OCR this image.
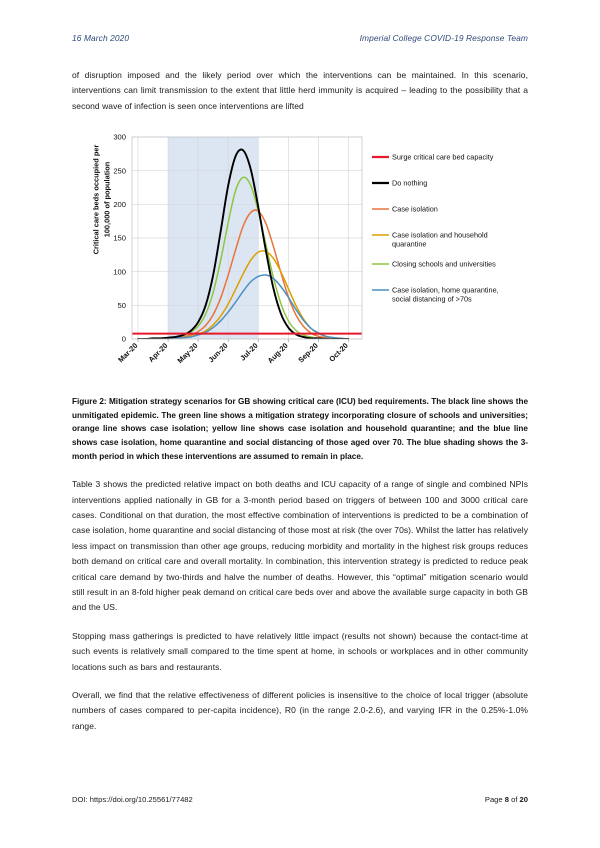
16 March 2020	Imperial College COVID-19 Response Team

of disruption imposed and the likely period over which the interventions can be maintained. In this scenario, interventions can limit transmission to the extent that little herd immunity is acquired – leading to the possibility that a second wave of infection is seen once interventions are lifted

Critical care beds occupied per 100,000 of population
0
50
100
150
200
250
300
Mar-20 Apr-20 May-20 Jun-20 Jul-20 Aug-20 Sep-20 Oct-20
Surge critical care bed capacity
Do nothing
Case isolation
Case isolation and household
quarantine
Closing schools and universities
Case isolation, home quarantine,
social distancing of >70s

Figure 2: Mitigation strategy scenarios for GB showing critical care (ICU) bed requirements. The black line shows the unmitigated epidemic. The green line shows a mitigation strategy incorporating closure of schools and universities; orange line shows case isolation; yellow line shows case isolation and household quarantine; and the blue line shows case isolation, home quarantine and social distancing of those aged over 70. The blue shading shows the 3-month period in which these interventions are assumed to remain in place.

Table 3 shows the predicted relative impact on both deaths and ICU capacity of a range of single and combined NPIs interventions applied nationally in GB for a 3-month period based on triggers of between 100 and 3000 critical care cases. Conditional on that duration, the most effective combination of interventions is predicted to be a combination of case isolation, home quarantine and social distancing of those most at risk (the over 70s). Whilst the latter has relatively less impact on transmission than other age groups, reducing morbidity and mortality in the highest risk groups reduces both demand on critical care and overall mortality. In combination, this intervention strategy is predicted to reduce peak critical care demand by two-thirds and halve the number of deaths. However, this “optimal” mitigation scenario would still result in an 8-fold higher peak demand on critical care beds over and above the available surge capacity in both GB and the US.

Stopping mass gatherings is predicted to have relatively little impact (results not shown) because the contact-time at such events is relatively small compared to the time spent at home, in schools or workplaces and in other community locations such as bars and restaurants.

Overall, we find that the relative effectiveness of different policies is insensitive to the choice of local trigger (absolute numbers of cases compared to per-capita incidence), R0 (in the range 2.0-2.6), and varying IFR in the 0.25%-1.0% range.

DOI: https://doi.org/10.25561/77482	Page 8 of 20
